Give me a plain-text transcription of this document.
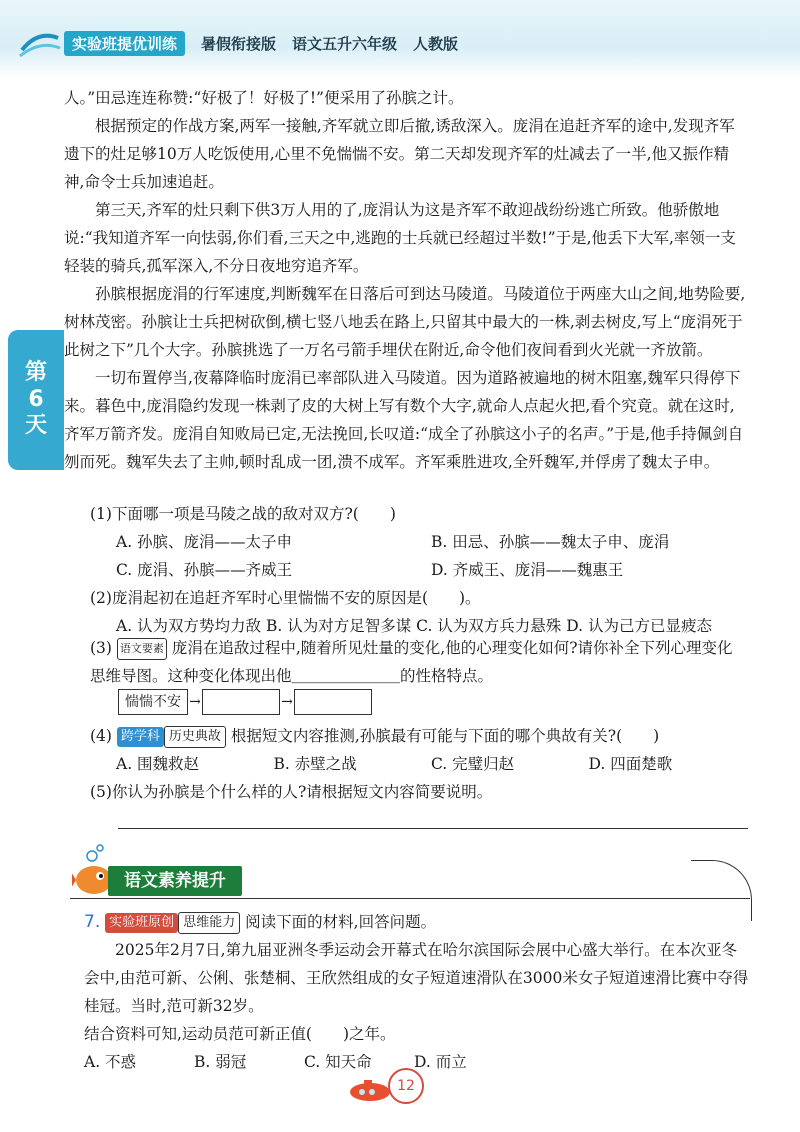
实验班提优训练	暑假衔接版 语文五升六年级 人教版
第
6
天

人。”田忌连连称赞:“好极了！好极了!”便采用了孙膑之计。

根据预定的作战方案,两军一接触,齐军就立即后撤,诱敌深入。庞涓在追赶齐军的途中,发现齐军遗下的灶足够10万人吃饭使用,心里不免惴惴不安。第二天却发现齐军的灶减去了一半,他又振作精神,命令士兵加速追赶。

第三天,齐军的灶只剩下供3万人用的了,庞涓认为这是齐军不敢迎战纷纷逃亡所致。他骄傲地说:“我知道齐军一向怯弱,你们看,三天之中,逃跑的士兵就已经超过半数!”于是,他丢下大军,率领一支轻装的骑兵,孤军深入,不分日夜地穷追齐军。

孙膑根据庞涓的行军速度,判断魏军在日落后可到达马陵道。马陵道位于两座大山之间,地势险要,树林茂密。孙膑让士兵把树砍倒,横七竖八地丢在路上,只留其中最大的一株,剥去树皮,写上“庞涓死于此树之下”几个大字。孙膑挑选了一万名弓箭手埋伏在附近,命令他们夜间看到火光就一齐放箭。

一切布置停当,夜幕降临时庞涓已率部队进入马陵道。因为道路被遍地的树木阻塞,魏军只得停下来。暮色中,庞涓隐约发现一株剥了皮的大树上写有数个大字,就命人点起火把,看个究竟。就在这时,齐军万箭齐发。庞涓自知败局已定,无法挽回,长叹道:“成全了孙膑这小子的名声。”于是,他手持佩剑自刎而死。魏军失去了主帅,顿时乱成一团,溃不成军。齐军乘胜进攻,全歼魏军,并俘虏了魏太子申。

(1)下面哪一项是马陵之战的敌对双方?(　　)
A. 孙膑、庞涓——太子申	B. 田忌、孙膑——魏太子申、庞涓
C. 庞涓、孙膑——齐威王	D. 齐威王、庞涓——魏惠王
(2)庞涓起初在追赶齐军时心里惴惴不安的原因是(　　)。
A. 认为双方势均力敌 B. 认为对方足智多谋 C. 认为双方兵力悬殊 D. 认为己方已显疲态
(3) 语文要素 庞涓在追敌过程中,随着所见灶量的变化,他的心理变化如何?请你补全下列心理变化思维导图。这种变化体现出他＿＿＿＿＿＿＿的性格特点。
惴惴不安 →	→
(4) 跨学科 历史典故 根据短文内容推测,孙膑最有可能与下面的哪个典故有关?(　　)
A. 围魏救赵	B. 赤壁之战	C. 完璧归赵	D. 四面楚歌
(5)你认为孙膑是个什么样的人?请根据短文内容简要说明。
语文素养提升
7. 实验班原创 思维能力 阅读下面的材料,回答问题。

2025年2月7日,第九届亚洲冬季运动会开幕式在哈尔滨国际会展中心盛大举行。在本次亚冬会中,由范可新、公俐、张楚桐、王欣然组成的女子短道速滑队在3000米女子短道速滑比赛中夺得桂冠。当时,范可新32岁。

结合资料可知,运动员范可新正值(　　)之年。
A. 不惑	B. 弱冠	C. 知天命	D. 而立
12
